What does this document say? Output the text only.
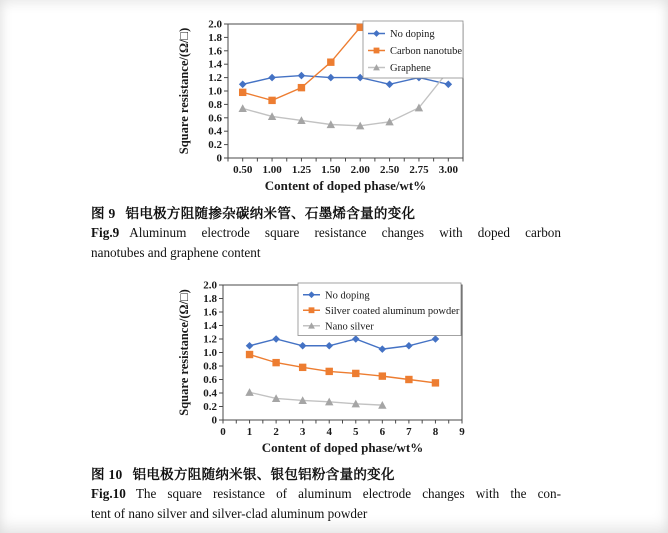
0
0.2
0.4
0.6
0.8
1.0
1.2
1.4
1.6
1.8
2.0
0.50 1.00 1.25 1.50 2.00 2.50 2.75 3.00
Content of doped phase/wt%
Square resistance/(Ω/□)	No doping
Carbon nanotube
Graphene
图 9 铝电极方阻随掺杂碳纳米管、石墨烯含量的变化
Fig.9 Aluminum electrode square resistance changes with doped carbon
nanotubes and graphene content
0
0.2
0.4
0.6
0.8
1.0
1.2
1.4
1.6
1.8
2.0
0 1 2 3 4 5 6 7 8 9
Content of doped phase/wt%
Square resistance/(Ω/□)	No doping
Silver coated aluminum powder
Nano silver
图 10 铝电极方阻随纳米银、银包铝粉含量的变化
Fig.10 The square resistance of aluminum electrode changes with the con-
tent of nano silver and silver-clad aluminum powder
